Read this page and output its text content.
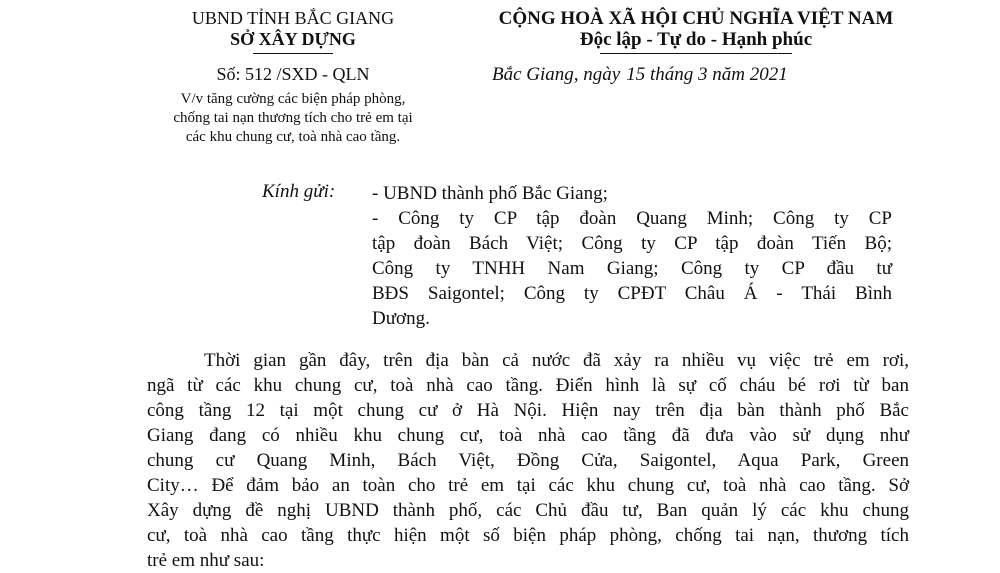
UBND TỈNH BẮC GIANG
SỞ XÂY DỰNG
CỘNG HOÀ XÃ HỘI CHỦ NGHĨA VIỆT NAM
Độc lập - Tự do - Hạnh phúc
Số: 512 /SXD - QLN	Bắc Giang, ngày 15 tháng 3 năm 2021
V/v tăng cường các biện pháp phòng,
chống tai nạn thương tích cho trẻ em tại
các khu chung cư, toà nhà cao tầng.
Kính gửi: - UBND thành phố Bắc Giang;
- Công ty CP tập đoàn Quang Minh; Công ty CP
tập đoàn Bách Việt; Công ty CP tập đoàn Tiến Bộ;
Công ty TNHH Nam Giang; Công ty CP đầu tư
BĐS Saigontel; Công ty CPĐT Châu Á - Thái Bình
Dương.
Thời gian gần đây, trên địa bàn cả nước đã xảy ra nhiều vụ việc trẻ em rơi,
ngã từ các khu chung cư, toà nhà cao tầng. Điển hình là sự cố cháu bé rơi từ ban
công tầng 12 tại một chung cư ở Hà Nội. Hiện nay trên địa bàn thành phố Bắc
Giang đang có nhiều khu chung cư, toà nhà cao tầng đã đưa vào sử dụng như
chung cư Quang Minh, Bách Việt, Đồng Cửa, Saigontel, Aqua Park, Green
City… Để đảm bảo an toàn cho trẻ em tại các khu chung cư, toà nhà cao tầng. Sở
Xây dựng đề nghị UBND thành phố, các Chủ đầu tư, Ban quản lý các khu chung
cư, toà nhà cao tầng thực hiện một số biện pháp phòng, chống tai nạn, thương tích
trẻ em như sau:
